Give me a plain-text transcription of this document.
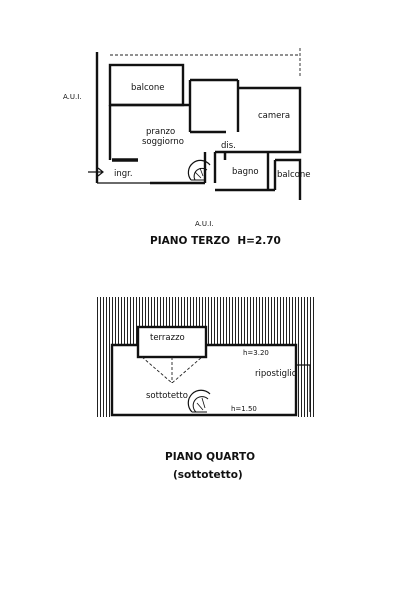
balcone
camera
pranzo
soggiorno	dis.
ingr.	bagno balcone
A.U.I.
A.U.I.
PIANO TERZO  H=2.70
terrazzo
sottotetto
ripostiglio
h=3.20
h=1.50
PIANO QUARTO
(sottotetto)
